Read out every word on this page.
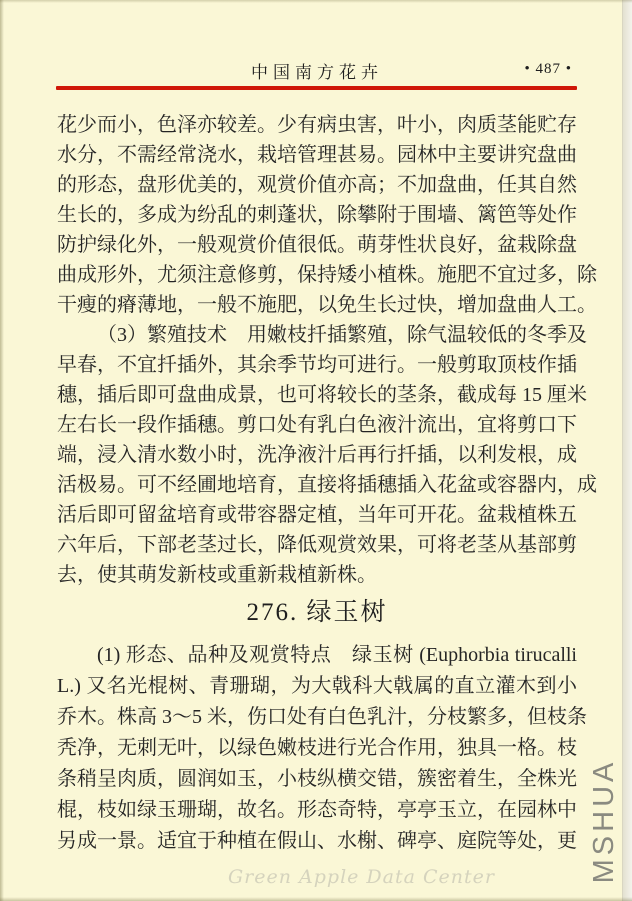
中国南方花卉	• 487 •
花少而小，色泽亦较差。少有病虫害，叶小，肉质茎能贮存
水分，不需经常浇水，栽培管理甚易。园林中主要讲究盘曲
的形态，盘形优美的，观赏价值亦高；不加盘曲，任其自然
生长的，多成为纷乱的刺蓬状，除攀附于围墙、篱笆等处作
防护绿化外，一般观赏价值很低。萌芽性状良好，盆栽除盘
曲成形外，尤须注意修剪，保持矮小植株。施肥不宜过多，除
干瘦的瘠薄地，一般不施肥，以免生长过快，增加盘曲人工。
（3）繁殖技术　用嫩枝扦插繁殖，除气温较低的冬季及
早春，不宜扦插外，其余季节均可进行。一般剪取顶枝作插
穗，插后即可盘曲成景，也可将较长的茎条，截成每 15 厘米
左右长一段作插穗。剪口处有乳白色液汁流出，宜将剪口下
端，浸入清水数小时，洗净液汁后再行扦插，以利发根，成
活极易。可不经圃地培育，直接将插穗插入花盆或容器内，成
活后即可留盆培育或带容器定植，当年可开花。盆栽植株五
六年后，下部老茎过长，降低观赏效果，可将老茎从基部剪
去，使其萌发新枝或重新栽植新株。
276. 绿玉树
(1) 形态、品种及观赏特点　绿玉树 (Euphorbia tirucalli
L.) 又名光棍树、青珊瑚，为大戟科大戟属的直立灌木到小
乔木。株高 3～5 米，伤口处有白色乳汁，分枝繁多，但枝条
秃净，无刺无叶，以绿色嫩枝进行光合作用，独具一格。枝
条稍呈肉质，圆润如玉，小枝纵横交错，簇密着生，全株光
棍，枝如绿玉珊瑚，故名。形态奇特，亭亭玉立，在园林中
另成一景。适宜于种植在假山、水榭、碑亭、庭院等处，更
Green Apple Data Center	MSHUA
